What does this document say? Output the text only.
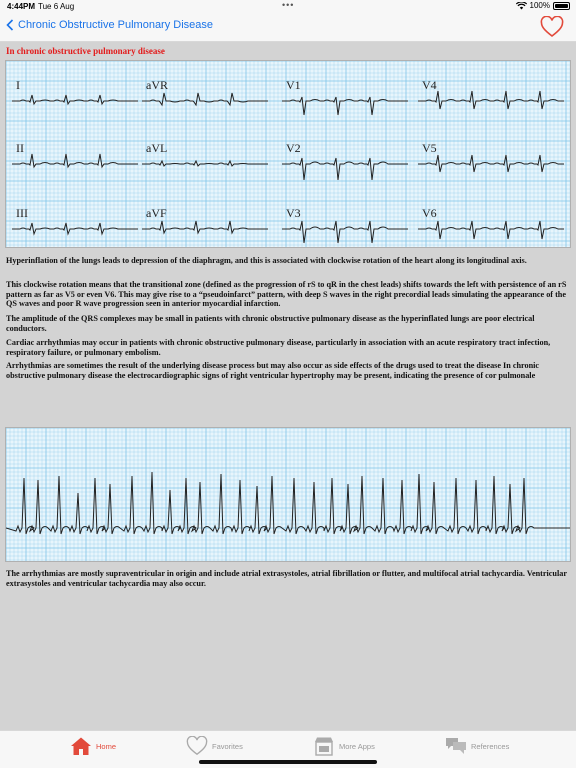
4:44PM Tue 6 Aug	•••	100%
Chronic Obstructive Pulmonary Disease
In chronic obstructive pulmonary disease
I	aVR	V1	V4
II	aVL	V2	V5
III	aVF	V3	V6
Hyperinflation of the lungs leads to depression of the diaphragm, and this is associated with clockwise rotation of the heart along its longitudinal axis.
This clockwise rotation means that the transitional zone (defined as the progression of rS to qR in the chest leads) shifts towards the left with persistence of an rS pattern as far as V5 or even V6. This may give rise to a “pseudoinfarct” pattern, with deep S waves in the right precordial leads simulating the appearance of the QS waves and poor R wave progression seen in anterior myocardial infarction.
The amplitude of the QRS complexes may be small in patients with chronic obstructive pulmonary disease as the hyperinflated lungs are poor electrical conductors.
Cardiac arrhythmias may occur in patients with chronic obstructive pulmonary disease, particularly in association with an acute respiratory tract infection, respiratory failure, or pulmonary embolism.
Arrhythmias are sometimes the result of the underlying disease process but may also occur as side effects of the drugs used to treat the disease In chronic obstructive pulmonary disease the electrocardiographic signs of right ventricular hypertrophy may be present, indicating the presence of cor pulmonale
The arrhythmias are mostly supraventricular in origin and include atrial extrasystoles, atrial fibrillation or flutter, and multifocal atrial tachycardia. Ventricular extrasystoles and ventricular tachycardia may also occur.
Home	Favorites	More Apps	References
